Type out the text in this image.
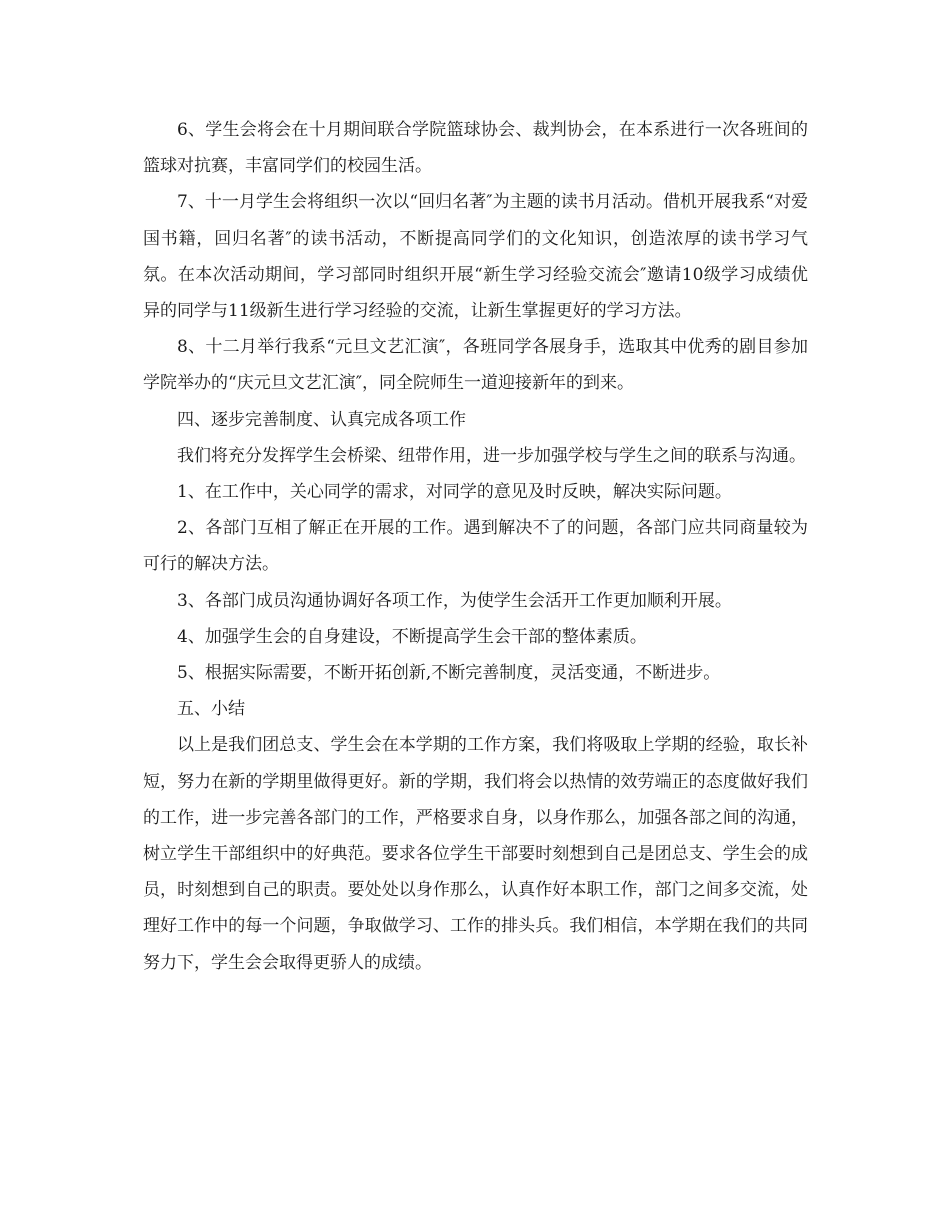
6、学生会将会在十月期间联合学院篮球协会、裁判协会，在本系进行一次各班间的篮球对抗赛，丰富同学们的校园生活。

7、十一月学生会将组织一次以“回归名著″为主题的读书月活动。借机开展我系“对爱国书籍，回归名著″的读书活动，不断提高同学们的文化知识，创造浓厚的读书学习气氛。在本次活动期间，学习部同时组织开展“新生学习经验交流会″邀请10级学习成绩优异的同学与11级新生进行学习经验的交流，让新生掌握更好的学习方法。

8、十二月举行我系“元旦文艺汇演″，各班同学各展身手，选取其中优秀的剧目参加学院举办的“庆元旦文艺汇演″，同全院师生一道迎接新年的到来。

四、逐步完善制度、认真完成各项工作

我们将充分发挥学生会桥梁、纽带作用，进一步加强学校与学生之间的联系与沟通。

1、在工作中，关心同学的需求，对同学的意见及时反映，解决实际问题。

2、各部门互相了解正在开展的工作。遇到解决不了的问题，各部门应共同商量较为可行的解决方法。

3、各部门成员沟通协调好各项工作，为使学生会活开工作更加顺利开展。

4、加强学生会的自身建设，不断提高学生会干部的整体素质。

5、根据实际需要，不断开拓创新,不断完善制度，灵活变通，不断进步。

五、小结

以上是我们团总支、学生会在本学期的工作方案，我们将吸取上学期的经验，取长补短，努力在新的学期里做得更好。新的学期，我们将会以热情的效劳端正的态度做好我们的工作，进一步完善各部门的工作，严格要求自身，以身作那么，加强各部之间的沟通，树立学生干部组织中的好典范。要求各位学生干部要时刻想到自己是团总支、学生会的成员，时刻想到自己的职责。要处处以身作那么，认真作好本职工作，部门之间多交流，处理好工作中的每一个问题，争取做学习、工作的排头兵。我们相信，本学期在我们的共同努力下，学生会会取得更骄人的成绩。
